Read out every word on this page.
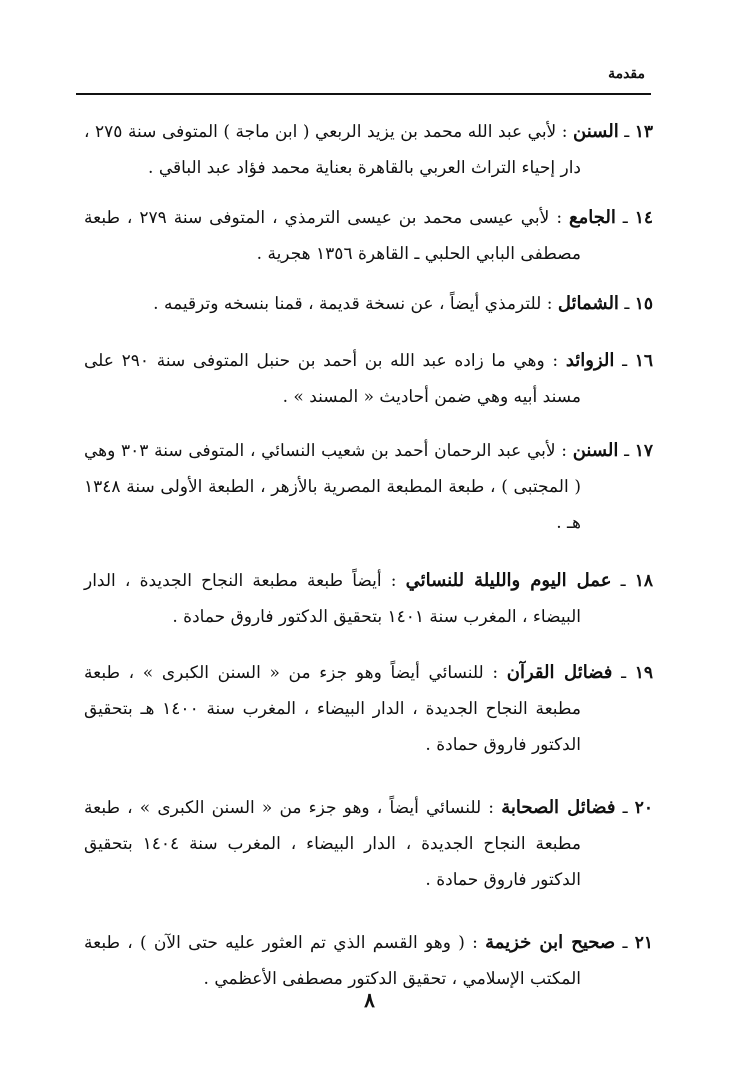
مقدمة

١٣ ـ السنن : لأبي عبد الله محمد بن يزيد الربعي ( ابن ماجة ) المتوفى سنة ٢٧٥ ، دار إحياء التراث العربي بالقاهرة بعناية محمد فؤاد عبد الباقي .

١٤ ـ الجامع : لأبي عيسى محمد بن عيسى الترمذي ، المتوفى سنة ٢٧٩ ، طبعة مصطفى البابي الحلبي ـ القاهرة ١٣٥٦ هجرية .

١٥ ـ الشمائل : للترمذي أيضاً ، عن نسخة قديمة ، قمنا بنسخه وترقيمه .

١٦ ـ الزوائد : وهي ما زاده عبد الله بن أحمد بن حنبل المتوفى سنة ٢٩٠ على مسند أبيه وهي ضمن أحاديث « المسند » .

١٧ ـ السنن : لأبي عبد الرحمان أحمد بن شعيب النسائي ، المتوفى سنة ٣٠٣ وهي ( المجتبى ) ، طبعة المطبعة المصرية بالأزهر ، الطبعة الأولى سنة ١٣٤٨ هـ .

١٨ ـ عمل اليوم والليلة للنسائي : أيضاً طبعة مطبعة النجاح الجديدة ، الدار البيضاء ، المغرب سنة ١٤٠١ بتحقيق الدكتور فاروق حمادة .

١٩ ـ فضائل القرآن : للنسائي أيضاً وهو جزء من « السنن الكبرى » ، طبعة مطبعة النجاح الجديدة ، الدار البيضاء ، المغرب سنة ١٤٠٠ هـ بتحقيق الدكتور فاروق حمادة .

٢٠ ـ فضائل الصحابة : للنسائي أيضاً ، وهو جزء من « السنن الكبرى » ، طبعة مطبعة النجاح الجديدة ، الدار البيضاء ، المغرب سنة ١٤٠٤ بتحقيق الدكتور فاروق حمادة .

٢١ ـ صحيح ابن خزيمة : ( وهو القسم الذي تم العثور عليه حتى الآن ) ، طبعة المكتب الإسلامي ، تحقيق الدكتور مصطفى الأعظمي .

٨
